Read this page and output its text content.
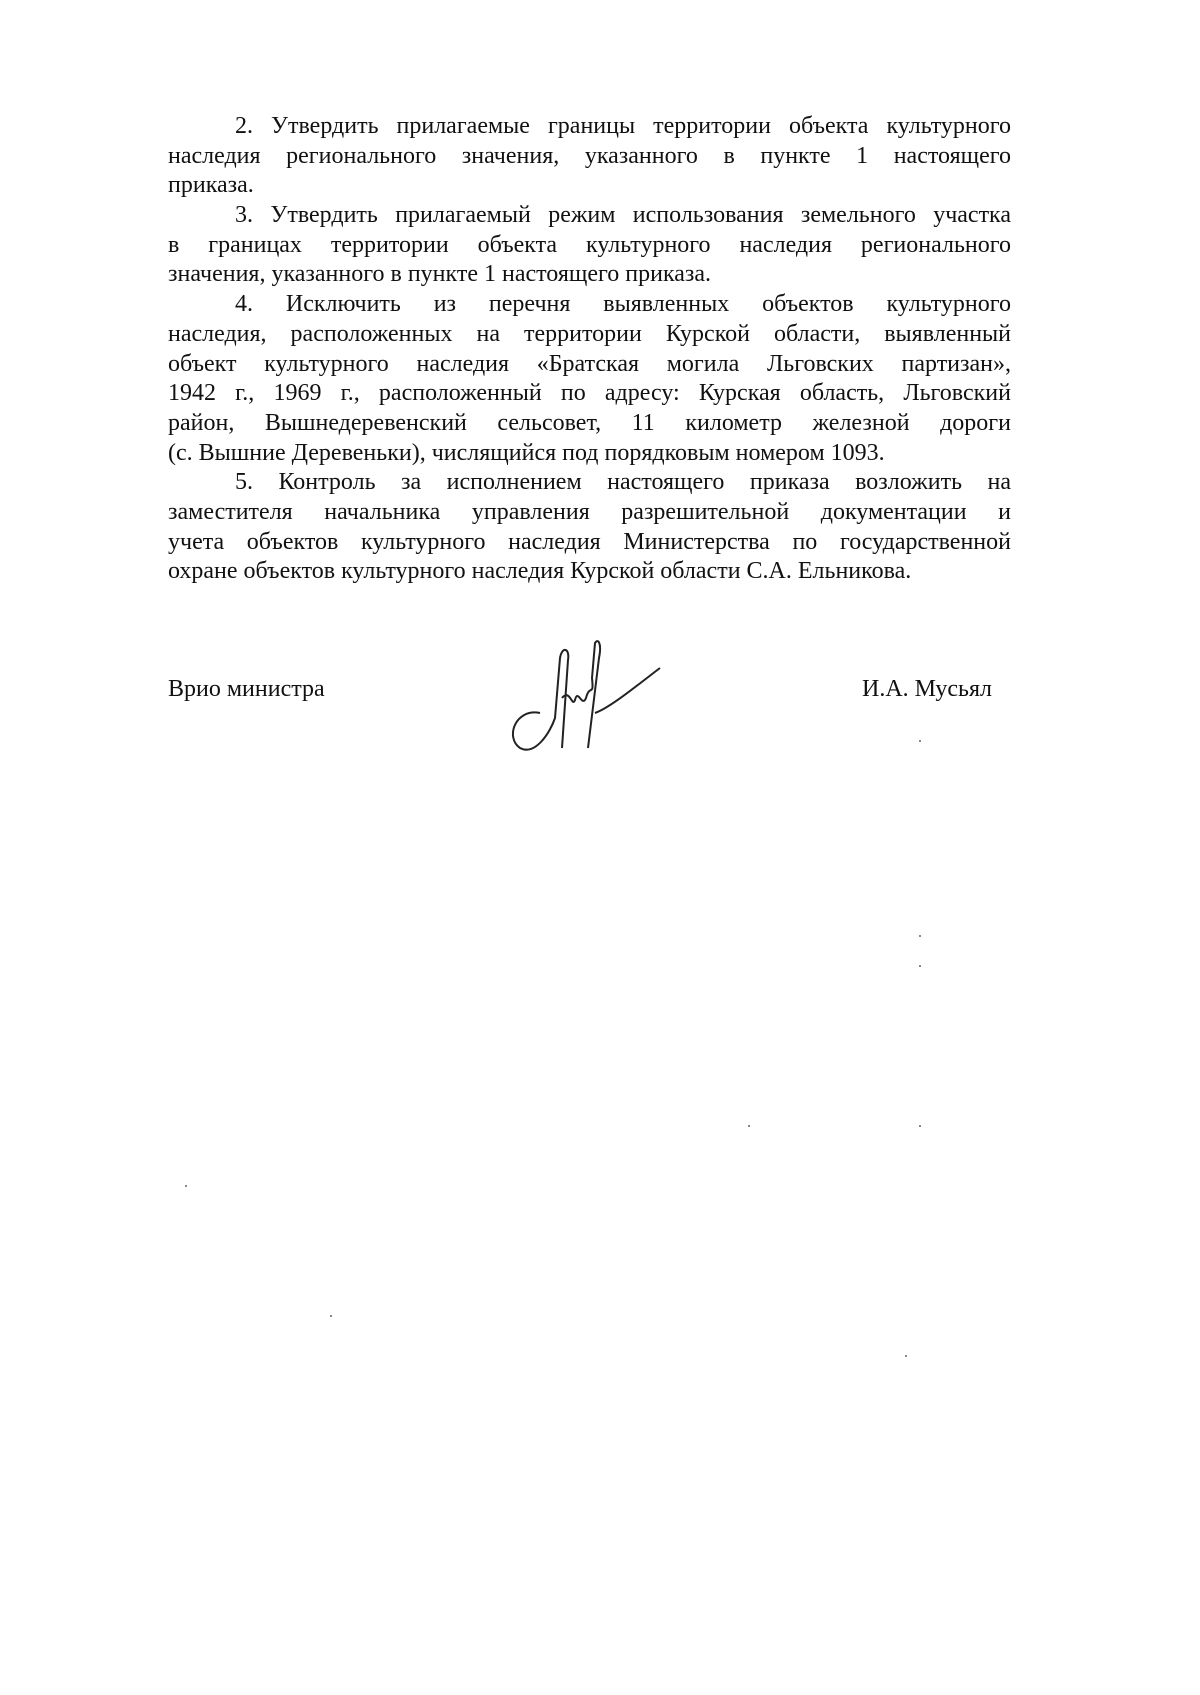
2. Утвердить прилагаемые границы территории объекта культурного
наследия регионального значения, указанного в пункте 1 настоящего
приказа.
3. Утвердить прилагаемый режим использования земельного участка
в границах территории объекта культурного наследия регионального
значения, указанного в пункте 1 настоящего приказа.
4. Исключить из перечня выявленных объектов культурного
наследия, расположенных на территории Курской области, выявленный
объект культурного наследия «Братская могила Льговских партизан»,
1942 г., 1969 г., расположенный по адресу: Курская область, Льговский
район, Вышнедеревенский сельсовет, 11 километр железной дороги
(с. Вышние Деревеньки), числящийся под порядковым номером 1093.
5. Контроль за исполнением настоящего приказа возложить на
заместителя начальника управления разрешительной документации и
учета объектов культурного наследия Министерства по государственной
охране объектов культурного наследия Курской области С.А. Ельникова.
Врио министра	И.А. Мусьял
